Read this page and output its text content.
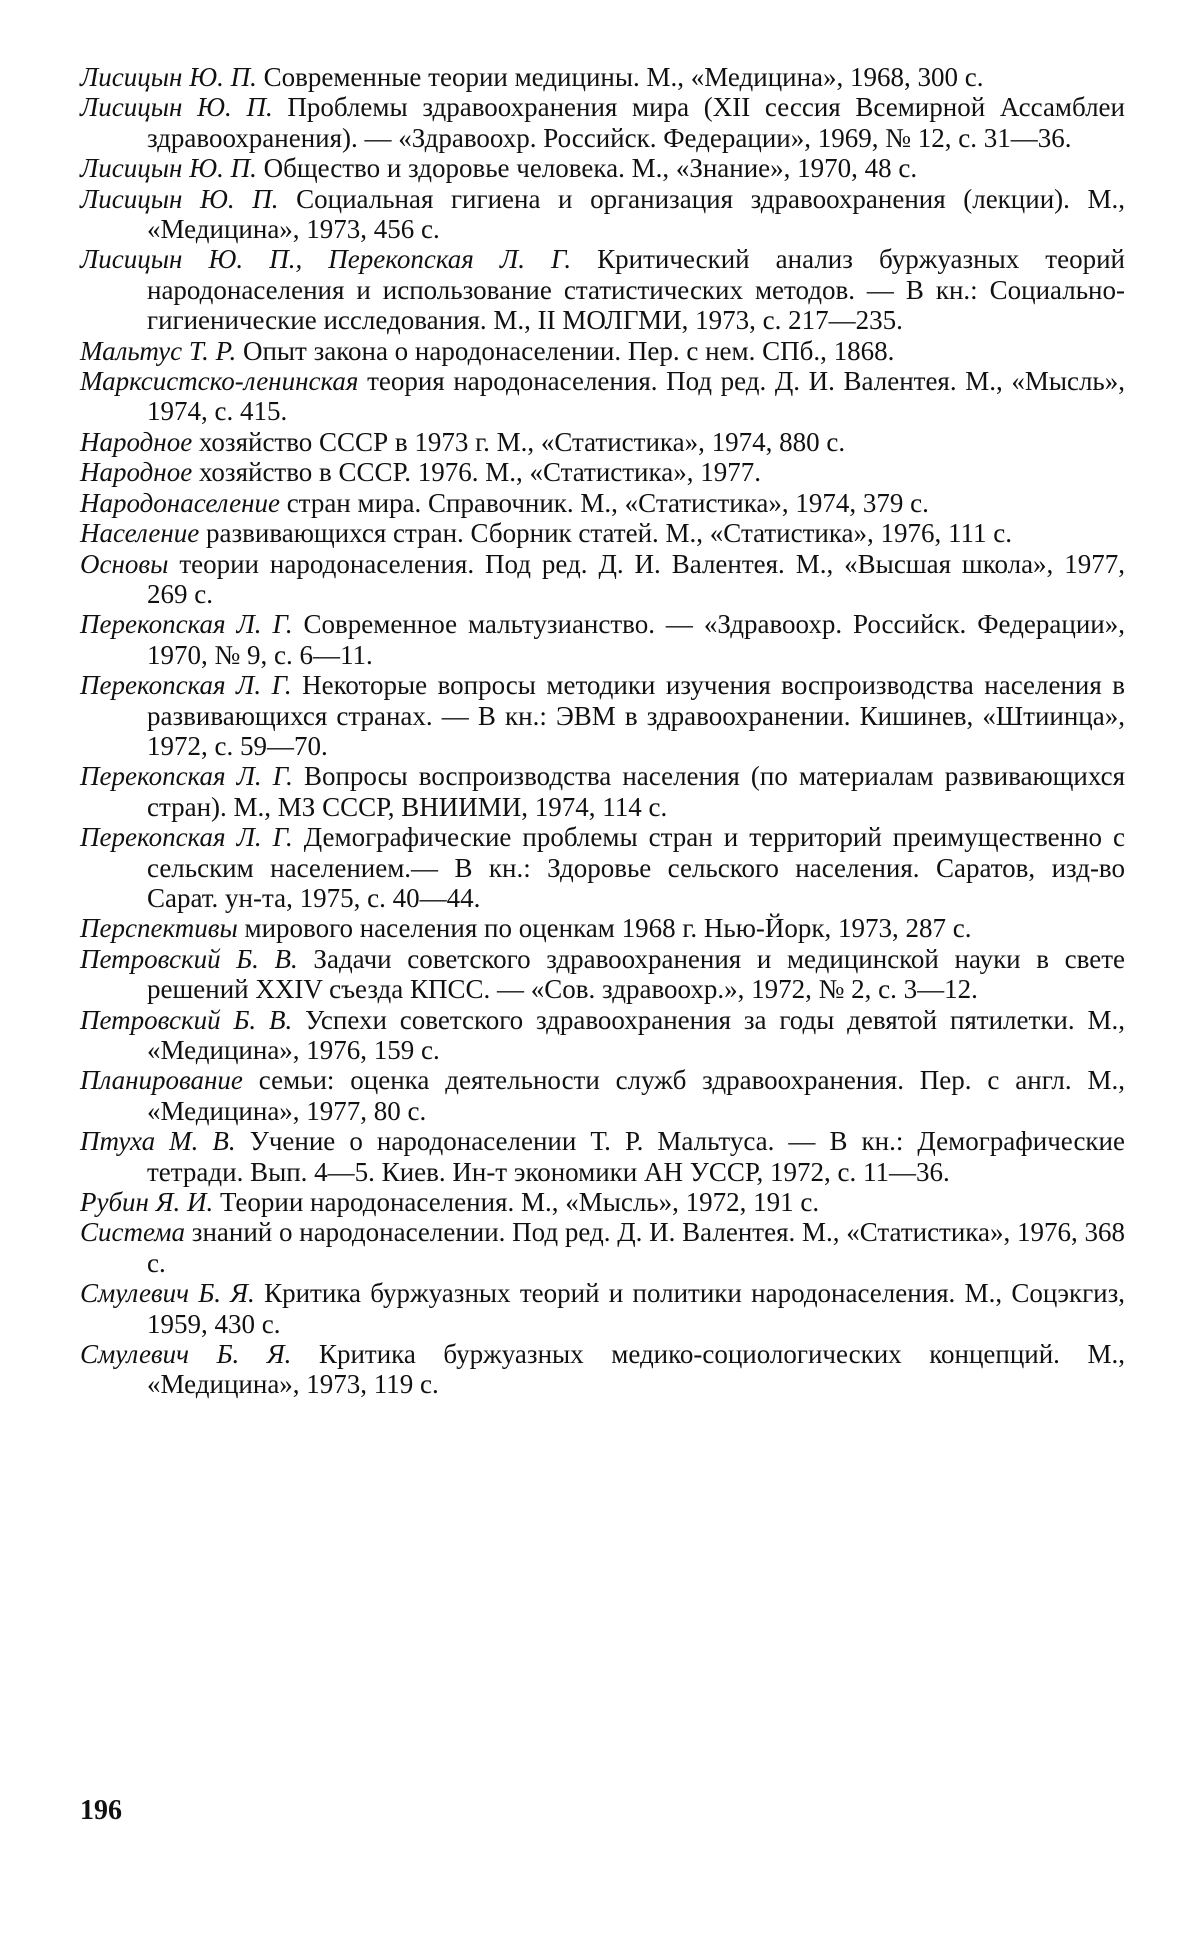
Лисицын Ю. П. Современные теории медицины. М., «Медицина», 1968, 300 с.

Лисицын Ю. П. Проблемы здравоохранения мира (XII сессия Всемирной Ассамблеи здравоохранения). — «Здравоохр. Российск. Федерации», 1969, № 12, с. 31—36.

Лисицын Ю. П. Общество и здоровье человека. М., «Знание», 1970, 48 с.

Лисицын Ю. П. Социальная гигиена и организация здравоохранения (лекции). М., «Медицина», 1973, 456 с.

Лисицын Ю. П., Перекопская Л. Г. Критический анализ буржуазных теорий народонаселения и использование статистических методов. — В кн.: Социально-гигиенические исследования. М., II МОЛГМИ, 1973, с. 217—235.

Мальтус Т. Р. Опыт закона о народонаселении. Пер. с нем. СПб., 1868.

Марксистско-ленинская теория народонаселения. Под ред. Д. И. Валентея. М., «Мысль», 1974, с. 415.

Народное хозяйство СССР в 1973 г. М., «Статистика», 1974, 880 с.

Народное хозяйство в СССР. 1976. М., «Статистика», 1977.

Народонаселение стран мира. Справочник. М., «Статистика», 1974, 379 с.

Население развивающихся стран. Сборник статей. М., «Статистика», 1976, 111 с.

Основы теории народонаселения. Под ред. Д. И. Валентея. М., «Высшая школа», 1977, 269 с.

Перекопская Л. Г. Современное мальтузианство. — «Здравоохр. Российск. Федерации», 1970, № 9, с. 6—11.

Перекопская Л. Г. Некоторые вопросы методики изучения воспроизводства населения в развивающихся странах. — В кн.: ЭВМ в здравоохранении. Кишинев, «Штиинца», 1972, с. 59—70.

Перекопская Л. Г. Вопросы воспроизводства населения (по материалам развивающихся стран). М., МЗ СССР, ВНИИМИ, 1974, 114 с.

Перекопская Л. Г. Демографические проблемы стран и территорий преимущественно с сельским населением.— В кн.: Здоровье сельского населения. Саратов, изд-во Сарат. ун-та, 1975, с. 40—44.

Перспективы мирового населения по оценкам 1968 г. Нью-Йорк, 1973, 287 с.

Петровский Б. В. Задачи советского здравоохранения и медицинской науки в свете решений XXIV съезда КПСС. — «Сов. здравоохр.», 1972, № 2, с. 3—12.

Петровский Б. В. Успехи советского здравоохранения за годы девятой пятилетки. М., «Медицина», 1976, 159 с.

Планирование семьи: оценка деятельности служб здравоохранения. Пер. с англ. М., «Медицина», 1977, 80 с.

Птуха М. В. Учение о народонаселении Т. Р. Мальтуса. — В кн.: Демографические тетради. Вып. 4—5. Киев. Ин-т экономики АН УССР, 1972, с. 11—36.

Рубин Я. И. Теории народонаселения. М., «Мысль», 1972, 191 с.

Система знаний о народонаселении. Под ред. Д. И. Валентея. М., «Статистика», 1976, 368 с.

Смулевич Б. Я. Критика буржуазных теорий и политики народонаселения. М., Соцэкгиз, 1959, 430 с.

Смулевич Б. Я. Критика буржуазных медико-социологических концепций. М., «Медицина», 1973, 119 с.

196
